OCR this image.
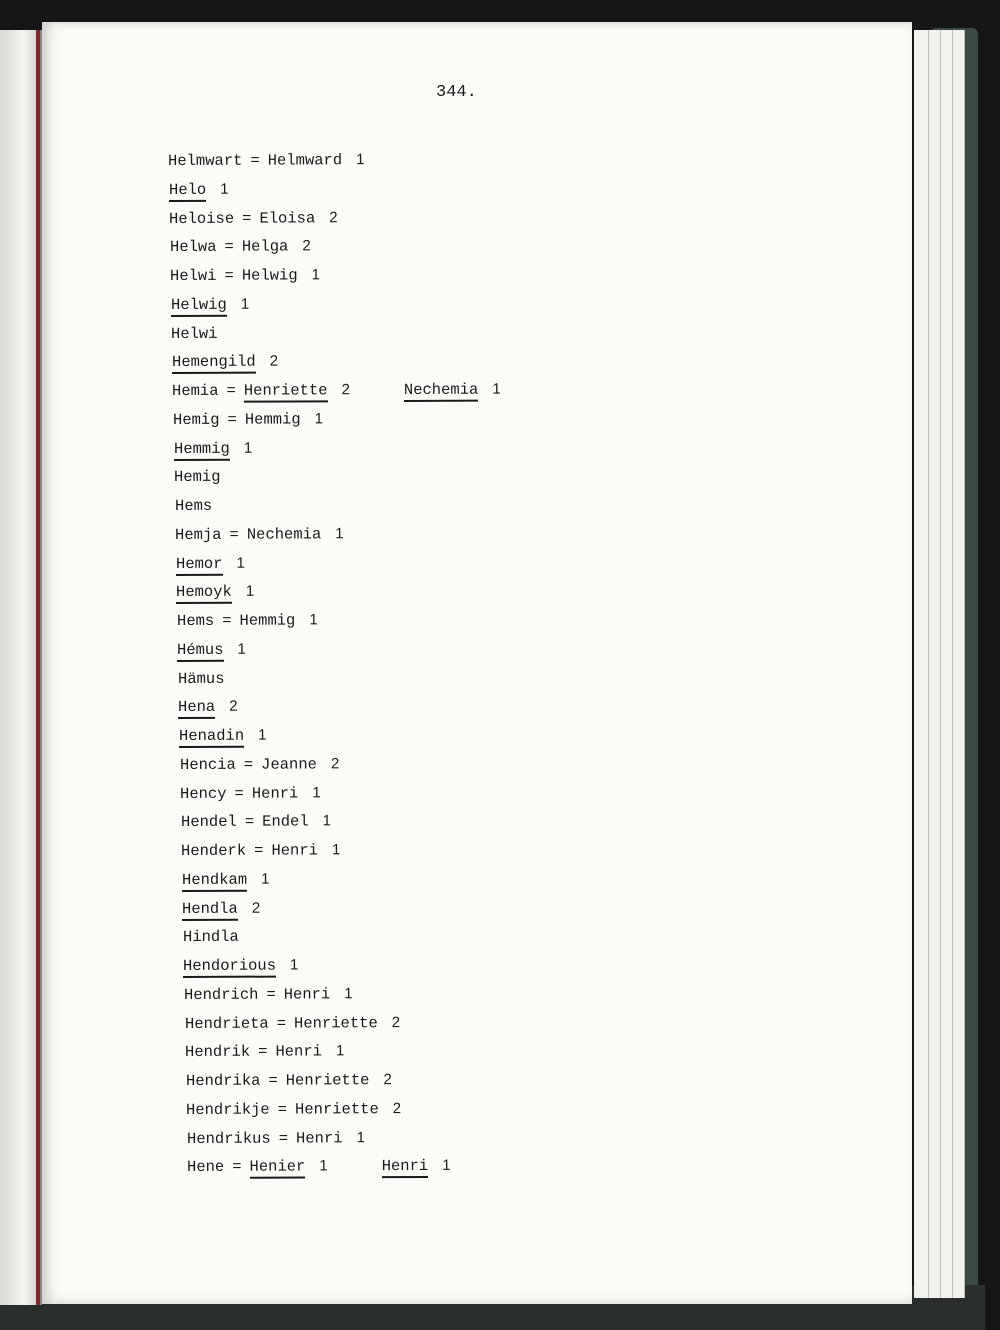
344.
Helmwart = Helmward 1
Helo 1
Heloise = Eloisa 2
Helwa = Helga 2
Helwi = Helwig 1
Helwig 1
Helwi
Hemengild 2
Hemia = Henriette 2	Nechemia 1
Hemig = Hemmig 1
Hemmig 1
Hemig
Hems
Hemja = Nechemia 1
Hemor 1
Hemoyk 1
Hems = Hemmig 1
Hémus 1
Hämus
Hena 2
Henadin 1
Hencia = Jeanne 2
Hency = Henri 1
Hendel = Endel 1
Henderk = Henri 1
Hendkam 1
Hendla 2
Hindla
Hendorious 1
Hendrich = Henri 1
Hendrieta = Henriette 2
Hendrik = Henri 1
Hendrika = Henriette 2
Hendrikje = Henriette 2
Hendrikus = Henri 1
Hene = Henier 1	Henri 1
